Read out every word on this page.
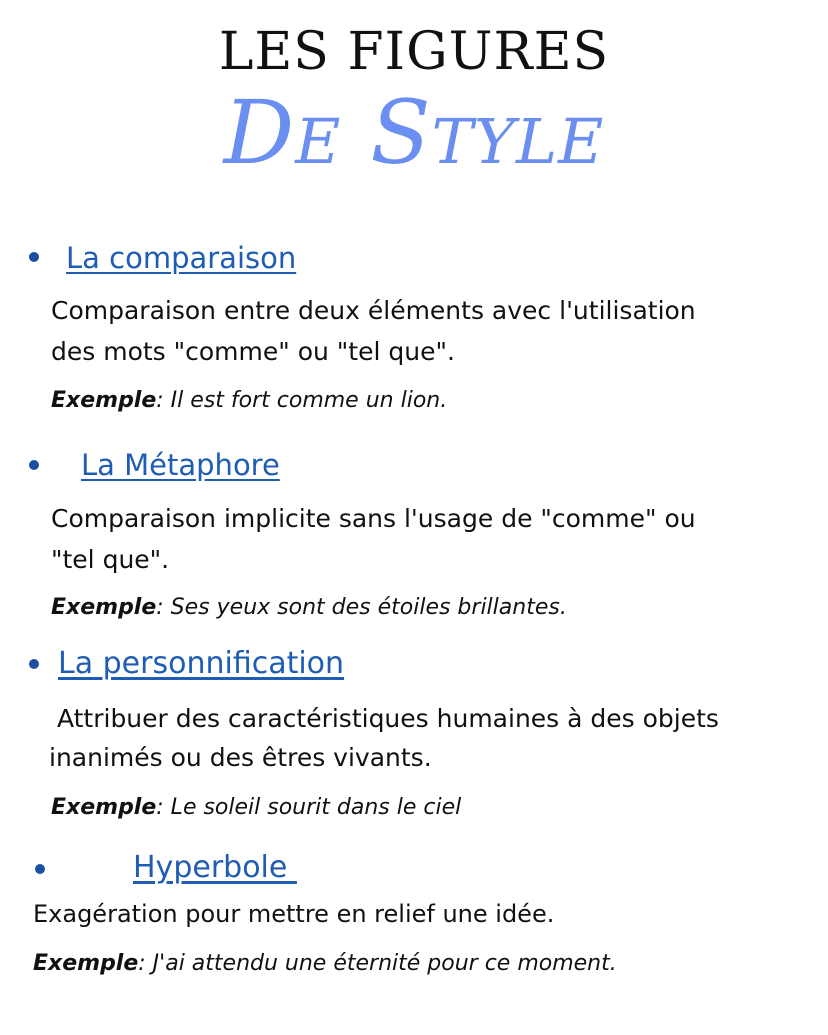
LES FIGURES
De Style
La comparaison
Comparaison entre deux éléments avec l'utilisation
des mots "comme" ou "tel que".
Exemple: Il est fort comme un lion.
La Métaphore
Comparaison implicite sans l'usage de "comme" ou
"tel que".
Exemple: Ses yeux sont des étoiles brillantes.
La personnification
Attribuer des caractéristiques humaines à des objets
inanimés ou des êtres vivants.
Exemple: Le soleil sourit dans le ciel
Hyperbole
Exagération pour mettre en relief une idée.
Exemple: J'ai attendu une éternité pour ce moment.
